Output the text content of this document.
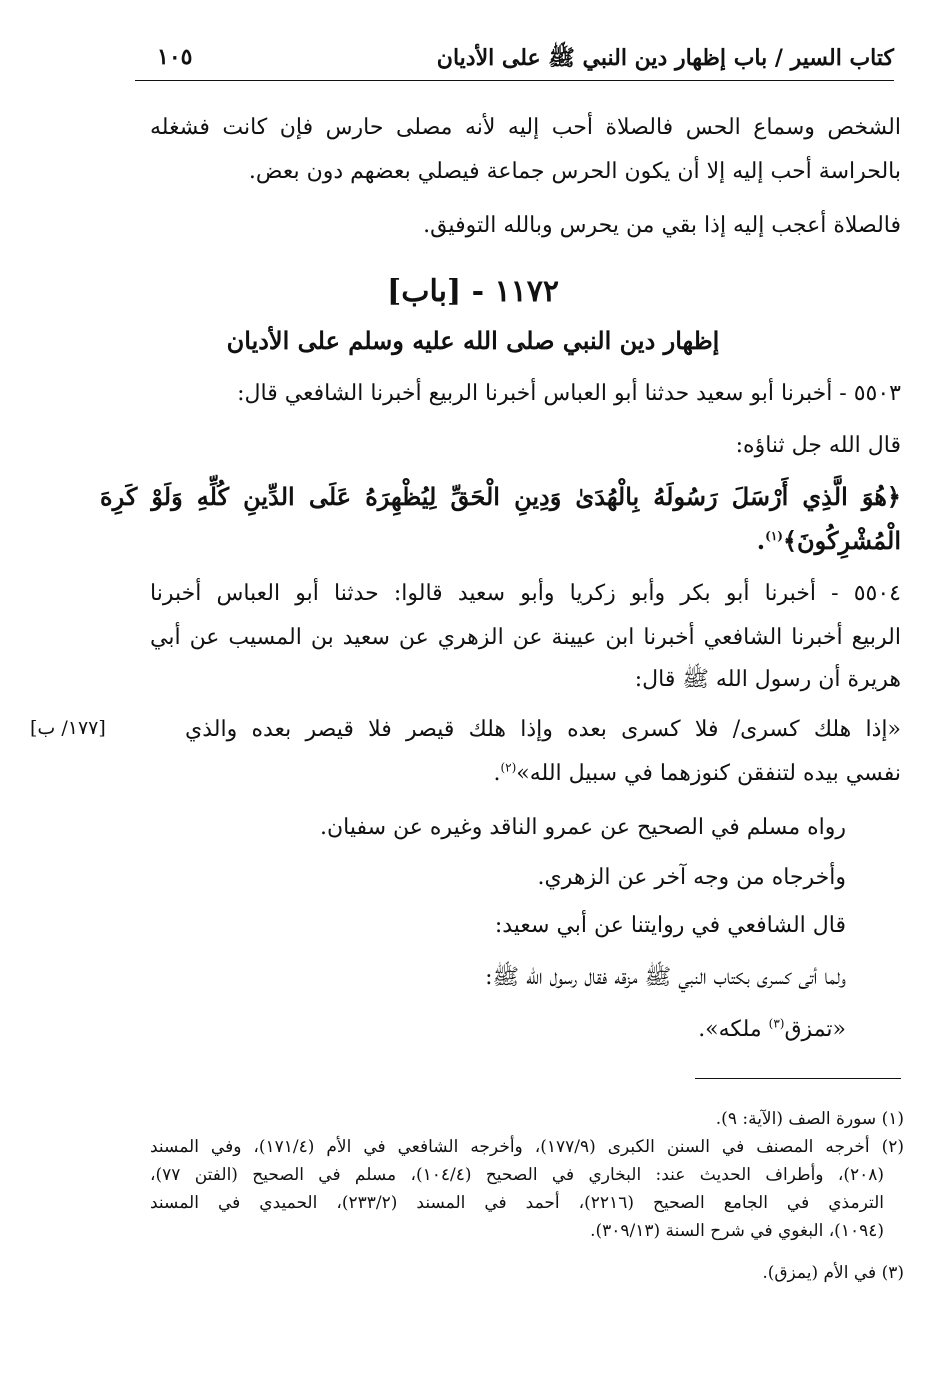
كتاب السير / باب إظهار دين النبي ﷺ على الأديان
١٠٥
الشخص وسماع الحس فالصلاة أحب إليه لأنه مصلى حارس فإن كانت فشغله
بالحراسة أحب إليه إلا أن يكون الحرس جماعة فيصلي بعضهم دون بعض.
فالصلاة أعجب إليه إذا بقي من يحرس وبالله التوفيق.
١١٧٢ - [باب]
إظهار دين النبي صلى الله عليه وسلم على الأديان
٥٥٠٣ - أخبرنا أبو سعيد حدثنا أبو العباس أخبرنا الربيع أخبرنا الشافعي قال:
قال الله جل ثناؤه:
﴿هُوَ الَّذِي أَرْسَلَ رَسُولَهُ بِالْهُدَىٰ وَدِينِ الْحَقِّ لِيُظْهِرَهُ عَلَى الدِّينِ كُلِّهِ وَلَوْ كَرِهَ
الْمُشْرِكُونَ﴾$^{(١)}$.
٥٥٠٤ - أخبرنا أبو بكر وأبو زكريا وأبو سعيد قالوا: حدثنا أبو العباس أخبرنا
الربيع أخبرنا الشافعي أخبرنا ابن عيينة عن الزهري عن سعيد بن المسيب عن أبي
هريرة أن رسول الله ﷺ قال:
«إذا هلك كسرى/ فلا كسرى بعده وإذا هلك قيصر فلا قيصر بعده والذي
[١٧٧/ ب]
نفسي بيده لتنفقن كنوزهما في سبيل الله»$^{(٢)}$.
رواه مسلم في الصحيح عن عمرو الناقد وغيره عن سفيان.
وأخرجاه من وجه آخر عن الزهري.
قال الشافعي في روايتنا عن أبي سعيد:
ولما أتى كسرى بكتاب النبي ﷺ مزقه فقال رسول الله ﷺ:
«تمزق$^{(٣)}$ ملكه».
(١) سورة الصف (الآية: ٩).
(٢) أخرجه المصنف في السنن الكبرى (١٧٧/٩)، وأخرجه الشافعي في الأم (١٧١/٤)، وفي المسند
(٢٠٨)، وأطراف الحديث عند: البخاري في الصحيح (١٠٤/٤)، مسلم في الصحيح (الفتن ٧٧)،
الترمذي في الجامع الصحيح (٢٢١٦)، أحمد في المسند (٢٣٣/٢)، الحميدي في المسند
(١٠٩٤)، البغوي في شرح السنة (٣٠٩/١٣).
(٣) في الأم (يمزق).
